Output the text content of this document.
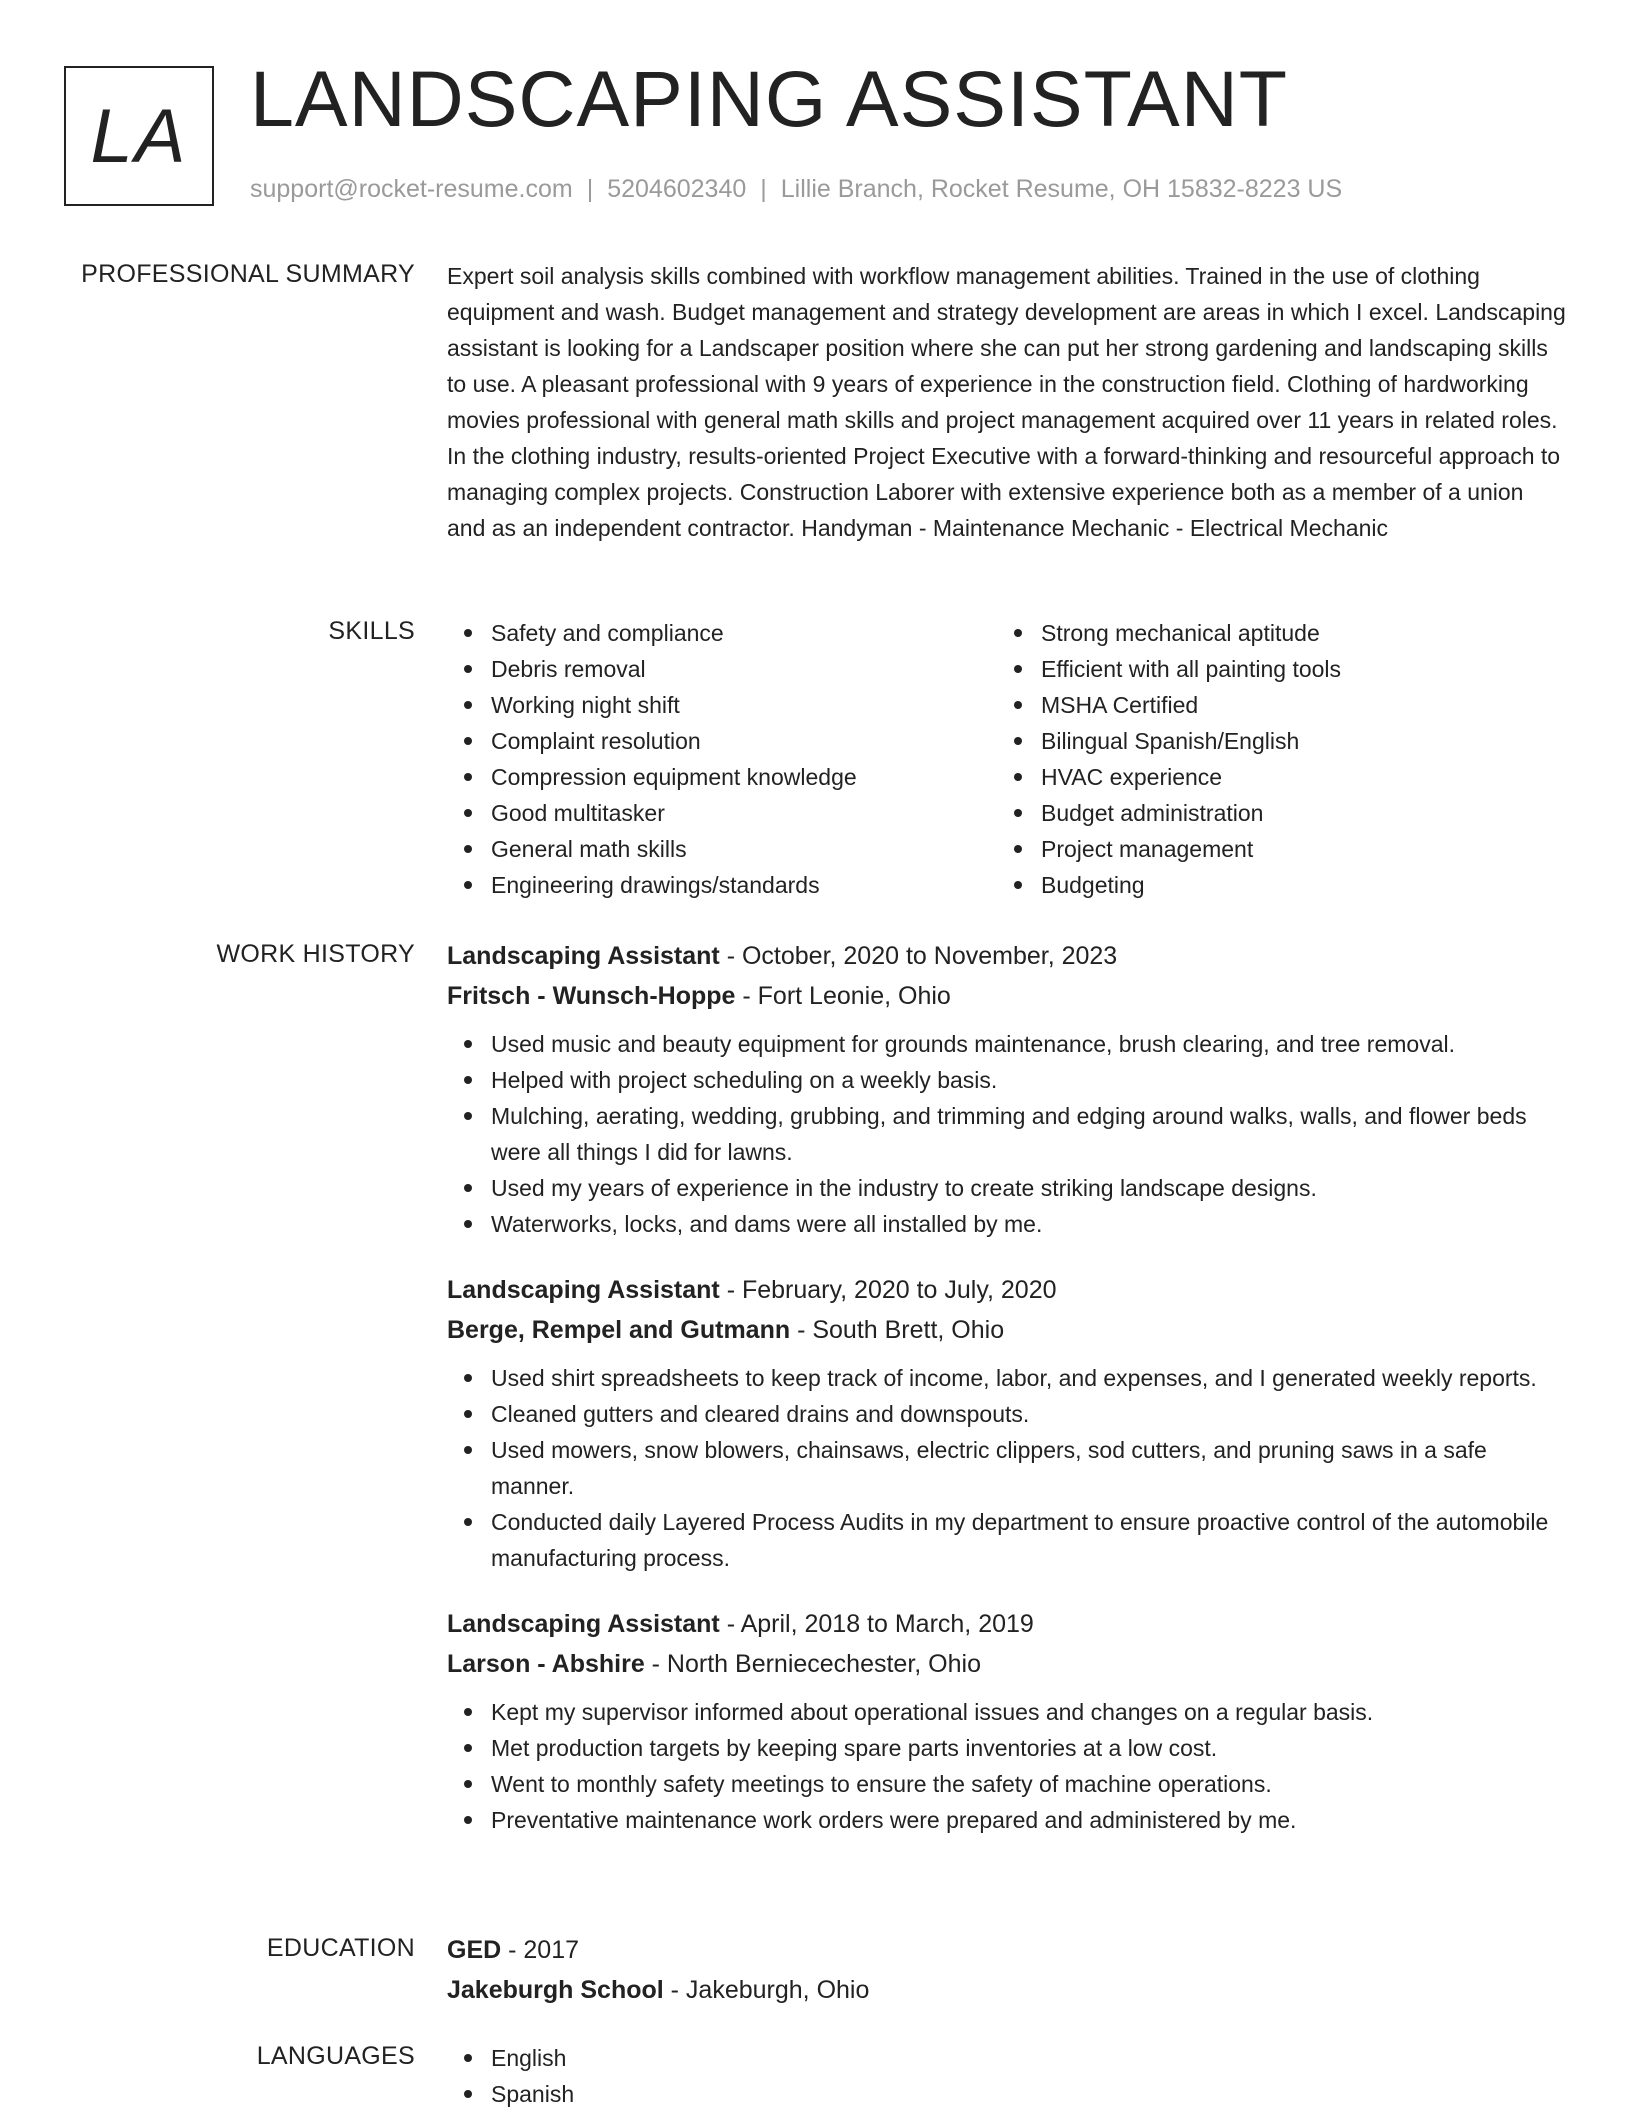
LA LANDSCAPING ASSISTANT
support@rocket-resume.com | 5204602340 | Lillie Branch, Rocket Resume, OH 15832-8223 US
PROFESSIONAL SUMMARY Expert soil analysis skills combined with workflow management abilities. Trained in the use of clothing equipment and wash. Budget management and strategy development are areas in which I excel. Landscaping assistant is looking for a Landscaper position where she can put her strong gardening and landscaping skills to use. A pleasant professional with 9 years of experience in the construction field. Clothing of hardworking movies professional with general math skills and project management acquired over 11 years in related roles. In the clothing industry, results-oriented Project Executive with a forward-thinking and resourceful approach to managing complex projects. Construction Laborer with extensive experience both as a member of a union and as an independent contractor. Handyman - Maintenance Mechanic - Electrical Mechanic

SKILLS	Safety and compliance
Debris removal
Working night shift
Complaint resolution
Compression equipment knowledge
Good multitasker
General math skills
Engineering drawings/standards
Strong mechanical aptitude
Efficient with all painting tools
MSHA Certified
Bilingual Spanish/English
HVAC experience
Budget administration
Project management
Budgeting
WORK HISTORY Landscaping Assistant - October, 2020 to November, 2023
Fritsch - Wunsch-Hoppe - Fort Leonie, Ohio
Used music and beauty equipment for grounds maintenance, brush clearing, and tree removal.
Helped with project scheduling on a weekly basis.
Mulching, aerating, wedding, grubbing, and trimming and edging around walks, walls, and flower beds were all things I did for lawns.
Used my years of experience in the industry to create striking landscape designs.
Waterworks, locks, and dams were all installed by me.
Landscaping Assistant - February, 2020 to July, 2020
Berge, Rempel and Gutmann - South Brett, Ohio
Used shirt spreadsheets to keep track of income, labor, and expenses, and I generated weekly reports.
Cleaned gutters and cleared drains and downspouts.
Used mowers, snow blowers, chainsaws, electric clippers, sod cutters, and pruning saws in a safe manner.
Conducted daily Layered Process Audits in my department to ensure proactive control of the automobile manufacturing process.
Landscaping Assistant - April, 2018 to March, 2019
Larson - Abshire - North Berniecechester, Ohio
Kept my supervisor informed about operational issues and changes on a regular basis.
Met production targets by keeping spare parts inventories at a low cost.
Went to monthly safety meetings to ensure the safety of machine operations.
Preventative maintenance work orders were prepared and administered by me.
EDUCATION GED - 2017
Jakeburgh School - Jakeburgh, Ohio
LANGUAGES	English
Spanish
